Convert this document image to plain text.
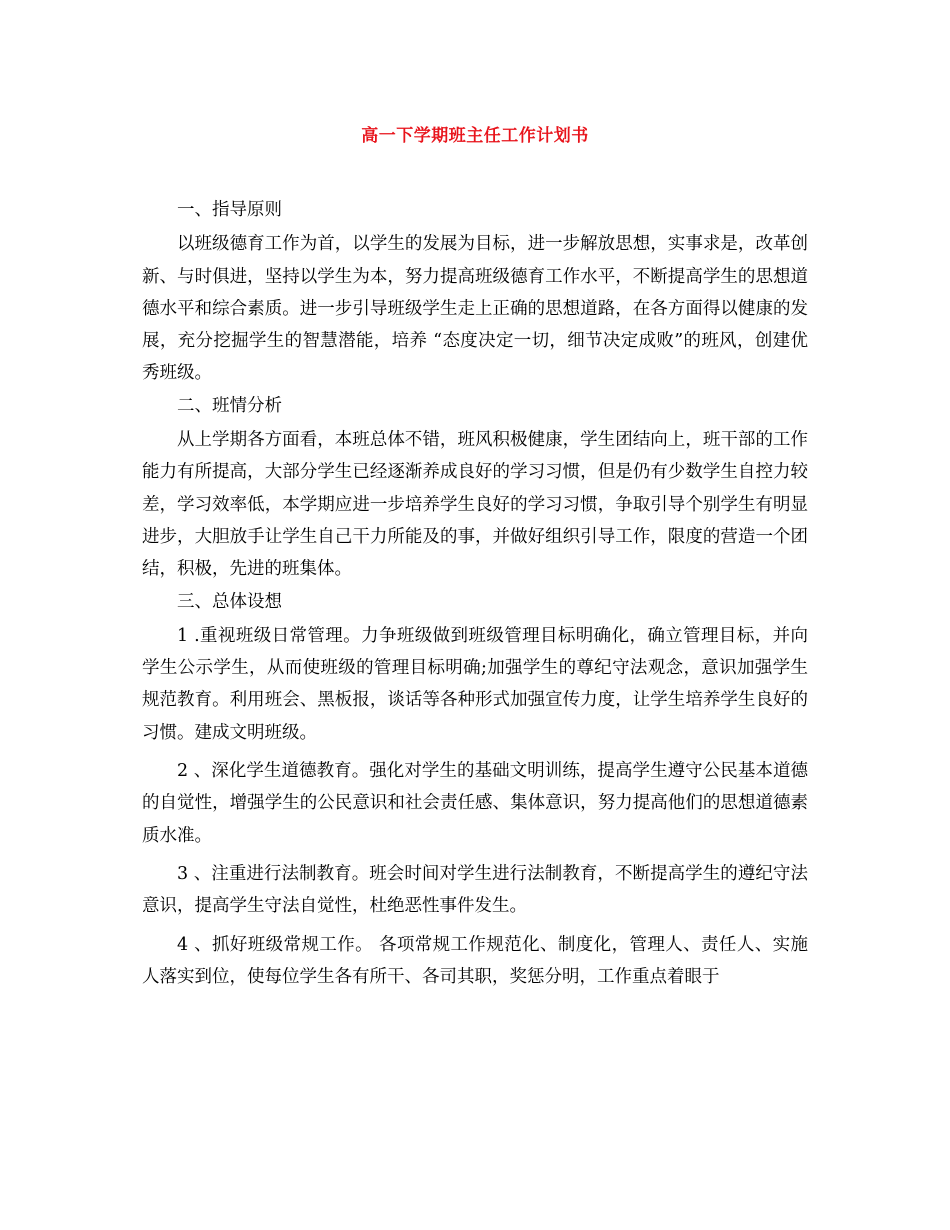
高一下学期班主任工作计划书

一、指导原则

以班级德育工作为首，以学生的发展为目标，进一步解放思想，实事求是，改革创新、与时俱进，坚持以学生为本，努力提高班级德育工作水平，不断提高学生的思想道德水平和综合素质。进一步引导班级学生走上正确的思想道路，在各方面得以健康的发展，充分挖掘学生的智慧潜能，培养 “态度决定一切，细节决定成败”的班风，创建优秀班级。

二、班情分析

从上学期各方面看，本班总体不错，班风积极健康，学生团结向上，班干部的工作能力有所提高，大部分学生已经逐渐养成良好的学习习惯，但是仍有少数学生自控力较差，学习效率低，本学期应进一步培养学生良好的学习习惯，争取引导个别学生有明显进步，大胆放手让学生自己干力所能及的事，并做好组织引导工作，限度的营造一个团结，积极，先进的班集体。

三、总体设想

1 .重视班级日常管理。力争班级做到班级管理目标明确化，确立管理目标，并向学生公示学生，从而使班级的管理目标明确;加强学生的尊纪守法观念，意识加强学生规范教育。利用班会、黑板报，谈话等各种形式加强宣传力度，让学生培养学生良好的习惯。建成文明班级。

2 、深化学生道德教育。强化对学生的基础文明训练，提高学生遵守公民基本道德的自觉性，增强学生的公民意识和社会责任感、集体意识，努力提高他们的思想道德素质水准。

3 、注重进行法制教育。班会时间对学生进行法制教育，不断提高学生的遵纪守法意识，提高学生守法自觉性，杜绝恶性事件发生。

4 、抓好班级常规工作。 各项常规工作规范化、制度化，管理人、责任人、实施人落实到位，使每位学生各有所干、各司其职，奖惩分明，工作重点着眼于
